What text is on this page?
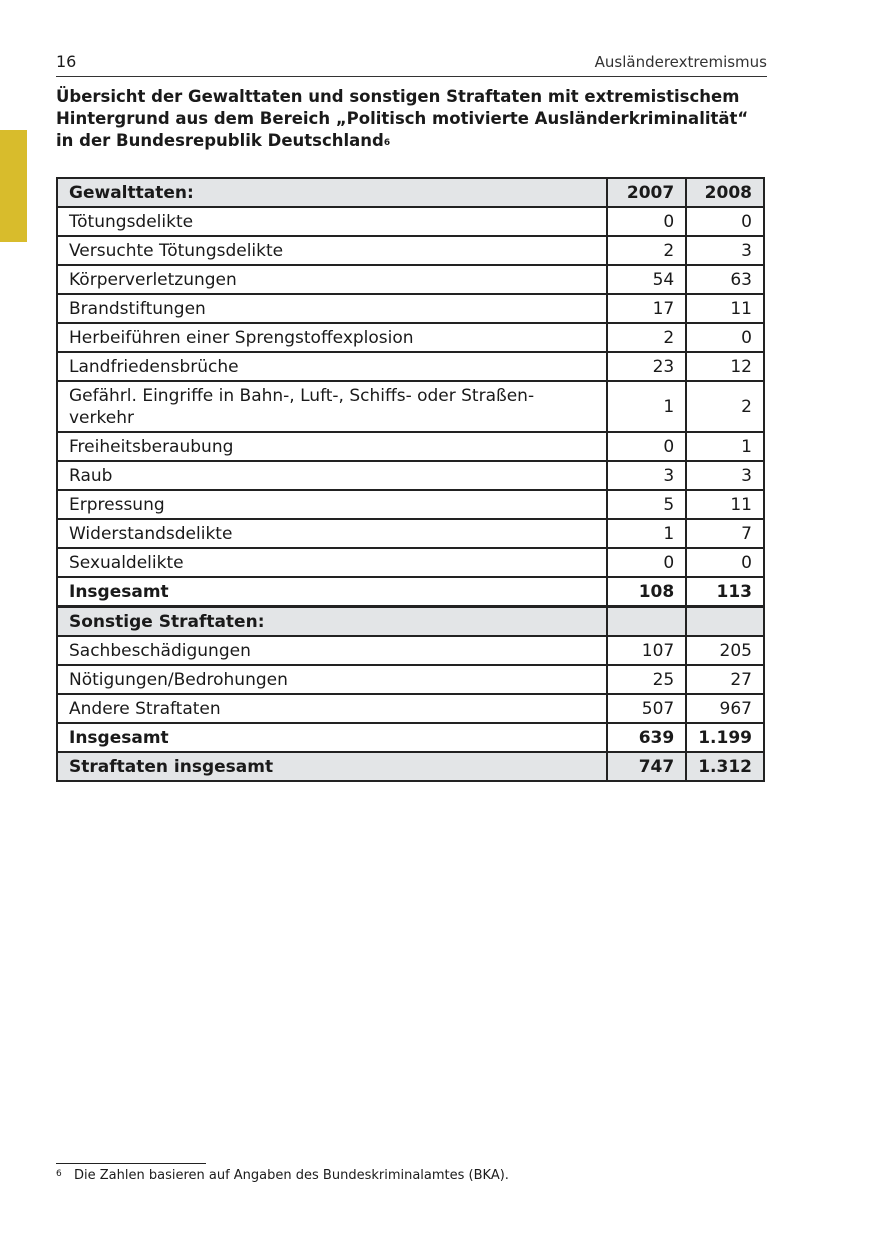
16	Ausländerextremismus
Übersicht der Gewalttaten und sonstigen Straftaten mit extremistischem Hintergrund aus dem Bereich „Politisch motivierte Ausländerkriminalität“ in der Bundesrepublik Deutschland$^6$
Gewalttaten:	2007	2008
Tötungsdelikte	0	0
Versuchte Tötungsdelikte	2	3
Körperverletzungen	54	63
Brandstiftungen	17	11
Herbeiführen einer Sprengstoffexplosion	2	0
Landfriedensbrüche	23	12
Gefährl. Eingriffe in Bahn-, Luft-, Schiffs- oder Straßen-
verkehr	1	2
Freiheitsberaubung	0	1
Raub	3	3
Erpressung	5	11
Widerstandsdelikte	1	7
Sexualdelikte	0	0
Insgesamt	108	113
Sonstige Straftaten:		
Sachbeschädigungen	107	205
Nötigungen/Bedrohungen	25	27
Andere Straftaten	507	967
Insgesamt	639	1.199
Straftaten insgesamt	747	1.312
6 Die Zahlen basieren auf Angaben des Bundeskriminalamtes (BKA).
